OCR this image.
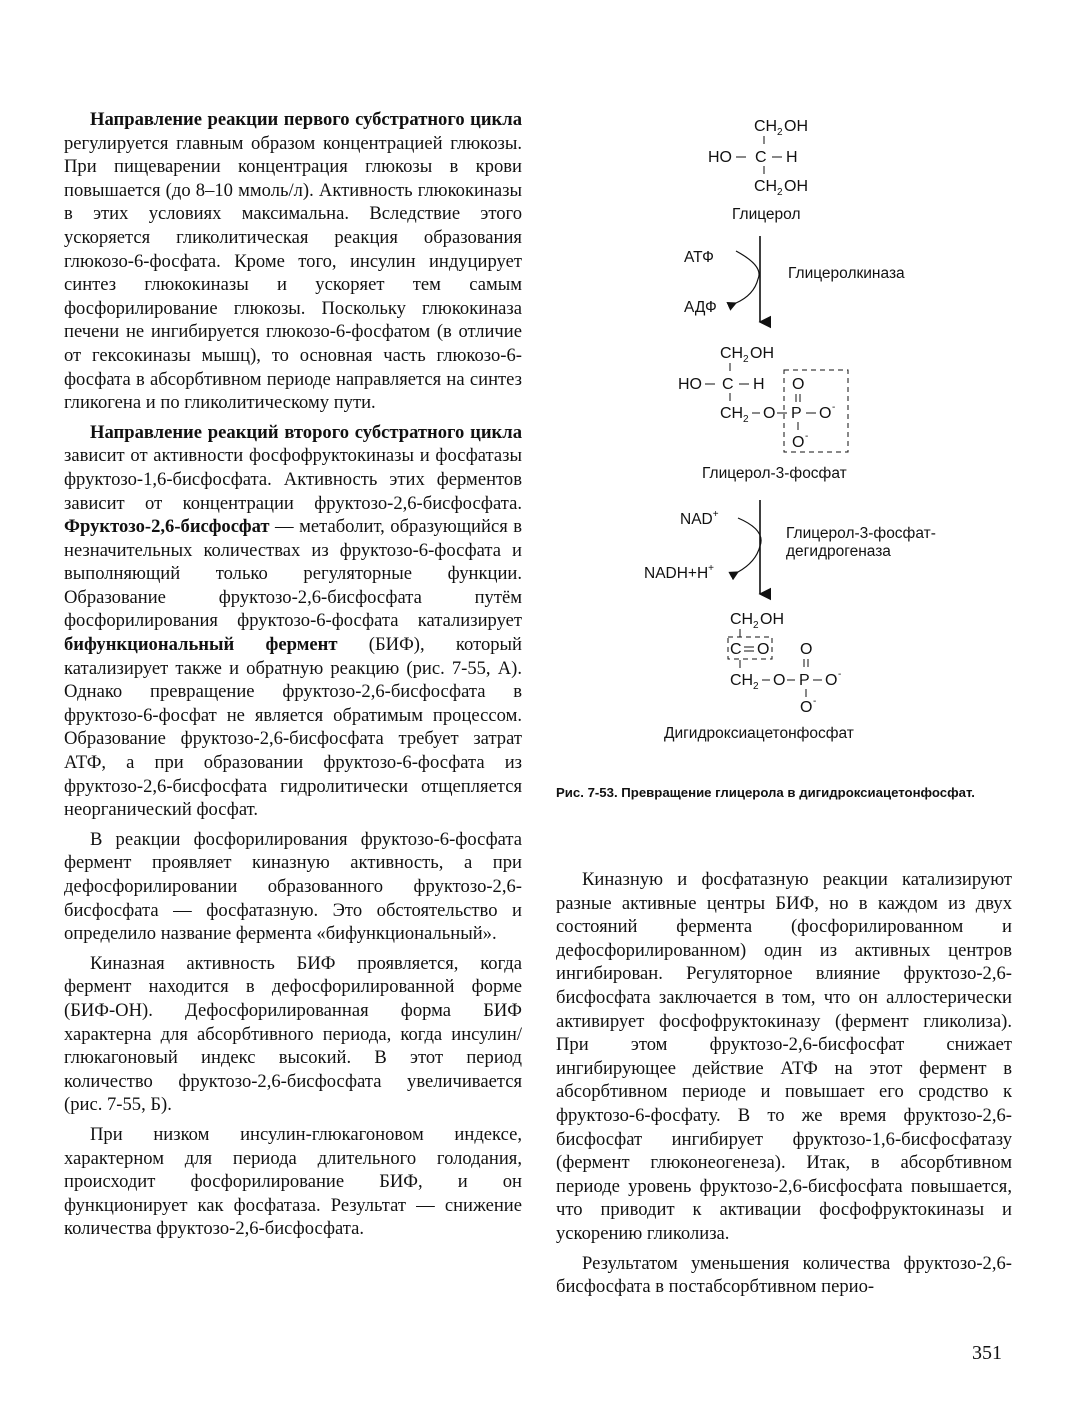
Направление реакции первого субстратного цикла регулируется главным образом концентрацией глюкозы. При пищеварении концентрация глюкозы в крови повышается (до 8–10 ммоль/л). Активность глюкокиназы в этих условиях максимальна. Вследствие этого ускоряется гликолитическая реакция образования глюкозо-6-фосфата. Кроме того, инсулин индуцирует синтез глюкокиназы и ускоряет тем самым фосфорилирование глюкозы. Поскольку глюкокиназа печени не ингибируется глюкозо-6-фосфатом (в отличие от гексокиназы мышц), то основная часть глюкозо-6-фосфата в абсорбтивном периоде направляется на синтез гликогена и по гликолитическому пути.

Направление реакций второго субстратного цикла зависит от активности фосфофруктокиназы и фосфатазы фруктозо-1,6-бисфосфата. Активность этих ферментов зависит от концентрации фруктозо-2,6-бисфосфата. Фруктозо-2,6-бисфосфат — метаболит, образующийся в незначительных количествах из фруктозо-6-фосфата и выполняющий только регуляторные функции. Образование фруктозо-2,6-бисфосфата путём фосфорилирования фруктозо-6-фосфата катализирует бифункциональный фермент (БИФ), который катализирует также и обратную реакцию (рис. 7-55, А). Однако превращение фруктозо-2,6-бисфосфата в фруктозо-6-фосфат не является обратимым процессом. Образование фруктозо-2,6-бисфосфата требует затрат АТФ, а при образовании фруктозо-6-фосфата из фруктозо-2,6-бисфосфата гидролитически отщепляется неорганический фосфат.

В реакции фосфорилирования фруктозо-6-фосфата фермент проявляет киназную активность, а при дефосфорилировании образованного фруктозо-2,6-бисфосфата — фосфатазную. Это обстоятельство и определило название фермента «бифункциональный».

Киназная активность БИФ проявляется, когда фермент находится в дефосфорилированной форме (БИФ-ОН). Дефосфорилированная форма БИФ характерна для абсорбтивного периода, когда инсулин/глюкагоновый индекс высокий. В этот период количество фруктозо-2,6-бисфосфата увеличивается (рис. 7-55, Б).

При низком инсулин-глюкагоновом индексе, характерном для периода длительного голодания, происходит фосфорилирование БИФ, и он функционирует как фосфатаза. Результат — снижение количества фруктозо-2,6-бисфосфата.

CH 2 OH
HO C H
CH 2 OH
Глицерол
АТФ
АДФ
Глицеролкиназа
CH 2 OH
HO C H
CH 2 O P O -
O
O -
Глицерол-3-фосфат
NAD+
NADH+H+
Глицерол-3-фосфат-
дегидрогеназа
CH 2 OH
C O
CH 2 O P O -
O
O -
Дигидроксиацетонфосфат
Рис. 7-53. Превращение глицерола в дигидроксиацетонфосфат.

Киназную и фосфатазную реакции катализируют разные активные центры БИФ, но в каждом из двух состояний фермента (фосфорилированном и дефосфорилированном) один из активных центров ингибирован. Регуляторное влияние фруктозо-2,6-бисфосфата заключается в том, что он аллостерически активирует фосфофруктокиназу (фермент гликолиза). При этом фруктозо-2,6-бисфосфат снижает ингибирующее действие АТФ на этот фермент в абсорбтивном периоде и повышает его сродство к фруктозо-6-фосфату. В то же время фруктозо-2,6-бисфосфат ингибирует фруктозо-1,6-бисфосфатазу (фермент глюконеогенеза). Итак, в абсорбтивном периоде уровень фруктозо-2,6-бисфосфата повышается, что приводит к активации фосфофруктокиназы и ускорению гликолиза.

Результатом уменьшения количества фруктозо-2,6-бисфосфата в постабсорбтивном перио-

351
